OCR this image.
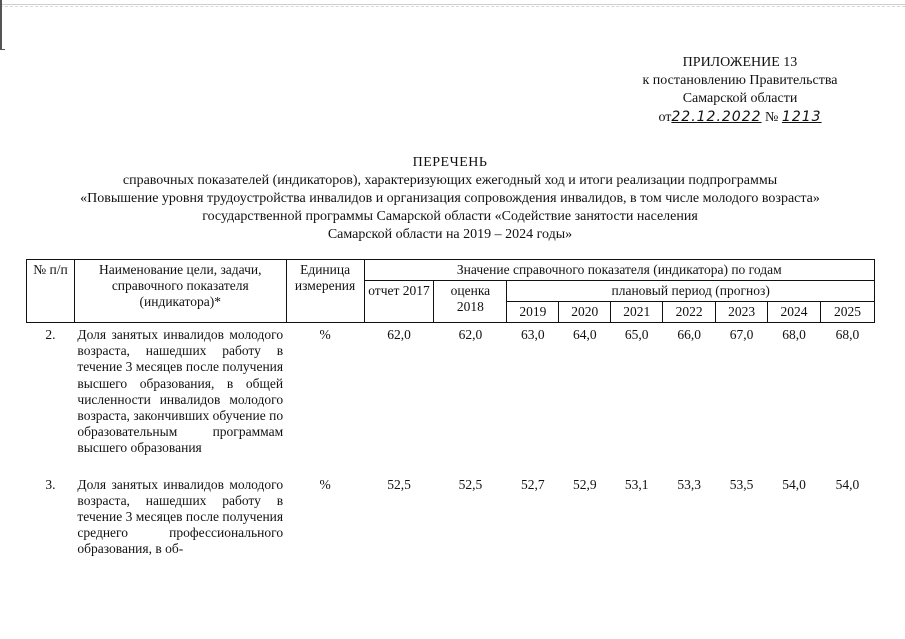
ПРИЛОЖЕНИЕ 13
к постановлению Правительства
Самарской области
от22.12.2022 № 1213
ПЕРЕЧЕНЬ
справочных показателей (индикаторов), характеризующих ежегодный ход и итоги реализации подпрограммы
«Повышение уровня трудоустройства инвалидов и организация сопровождения инвалидов, в том числе молодого возраста»
государственной программы Самарской области «Содействие занятости населения
Самарской области на 2019 – 2024 годы»
№ п/п	Наименование цели, задачи, справочного показателя (индикатора)*	Единица измерения	Значение справочного показателя (индикатора) по годам								
			отчет 2017	оценка 2018	плановый период (прогноз)						
					2019	2020	2021	2022	2023	2024	2025
2.	Доля занятых инвалидов молодого возраста, нашедших работу в течение 3 месяцев после получения высшего образования, в общей численности инвалидов молодого возраста, закончивших обучение по образовательным программам высшего образования	%	62,0	62,0	63,0	64,0	65,0	66,0	67,0	68,0	68,0
3.	Доля занятых инвалидов молодого возраста, нашедших работу в течение 3 месяцев после получения среднего профессионального образования, в об-	%	52,5	52,5	52,7	52,9	53,1	53,3	53,5	54,0	54,0
